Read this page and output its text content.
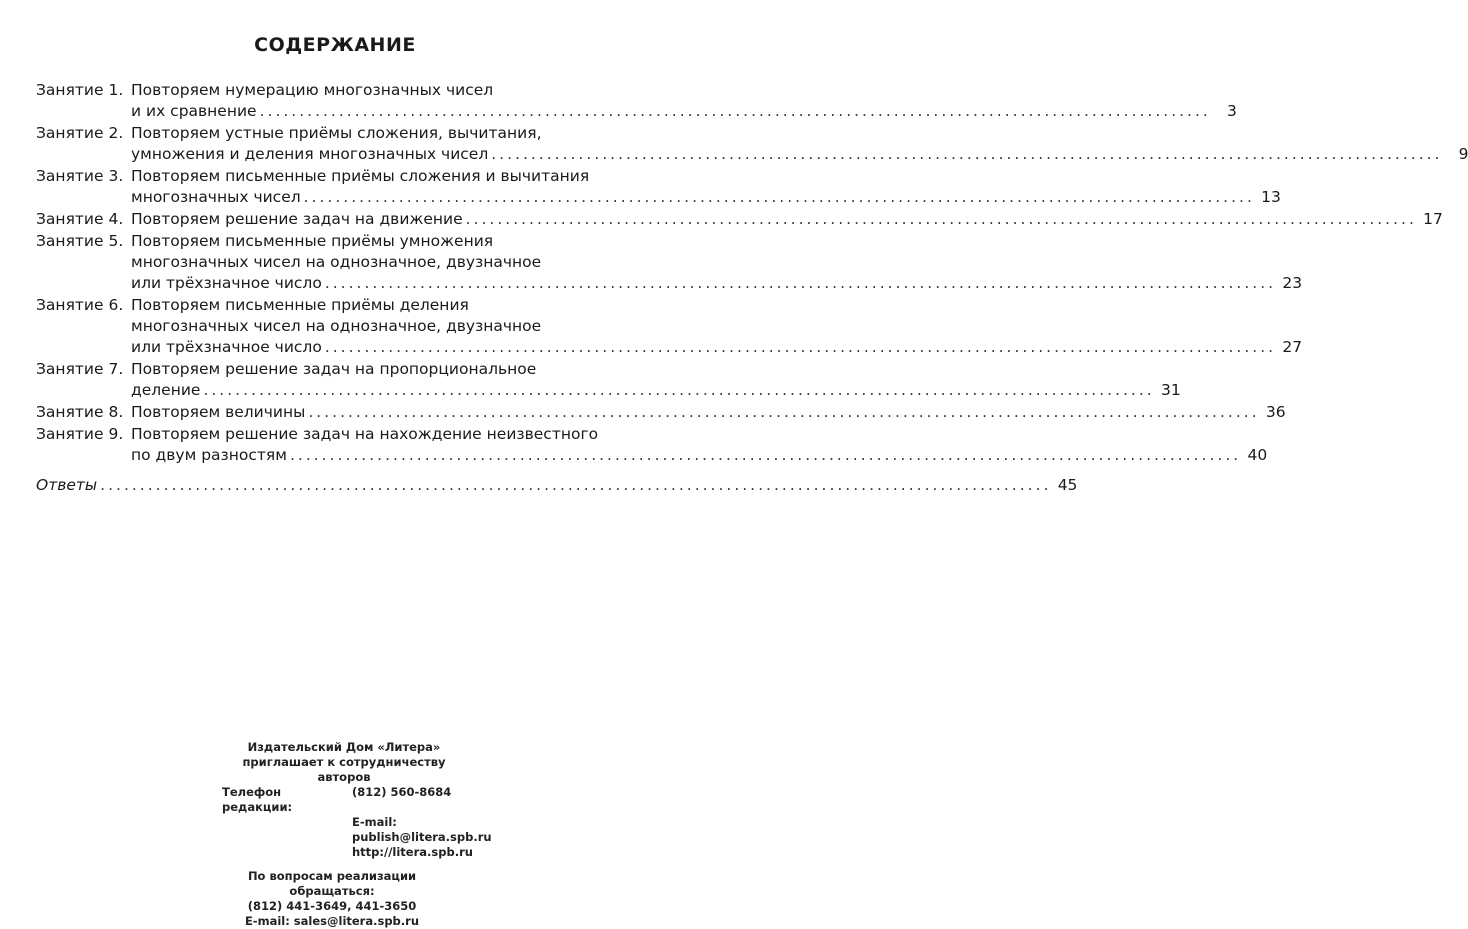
СОДЕРЖАНИЕ
Занятие 1. Повторяем нумерацию многозначных чисел
и их сравнение ........................................................................................................................	3
Занятие 2. Повторяем устные приёмы сложения, вычитания,
умножения и деления многозначных чисел ........................................................................................................................	9
Занятие 3. Повторяем письменные приёмы сложения и вычитания
многозначных чисел ........................................................................................................................ 13
Занятие 4. Повторяем решение задач на движение ........................................................................................................................ 17
Занятие 5. Повторяем письменные приёмы умножения
многозначных чисел на однозначное, двузначное
или трёхзначное число ........................................................................................................................ 23
Занятие 6. Повторяем письменные приёмы деления
многозначных чисел на однозначное, двузначное
или трёхзначное число ........................................................................................................................ 27
Занятие 7. Повторяем решение задач на пропорциональное
деление ........................................................................................................................ 31
Занятие 8. Повторяем величины ........................................................................................................................ 36
Занятие 9. Повторяем решение задач на нахождение неизвестного
по двум разностям ........................................................................................................................ 40
Ответы ........................................................................................................................ 45
Издательский Дом «Литера»
приглашает к сотрудничеству авторов
Телефон редакции:
(812) 560-8684
E-mail: publish@litera.spb.ru
http://litera.spb.ru
По вопросам реализации обращаться:
(812) 441-3649, 441-3650
E-mail: sales@litera.spb.ru
